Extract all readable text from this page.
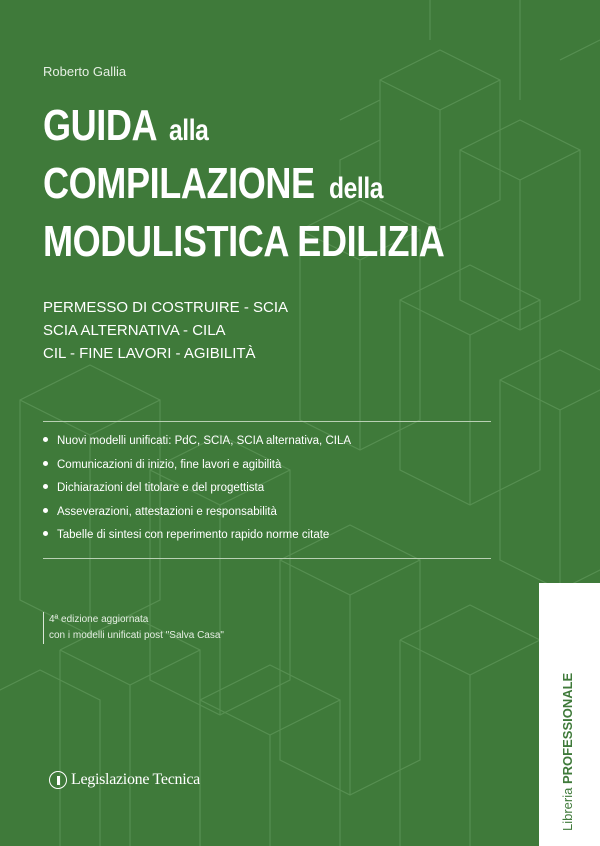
Roberto Gallia
GUIDA alla
COMPILAZIONE della
MODULISTICA EDILIZIA
PERMESSO DI COSTRUIRE - SCIA
SCIA ALTERNATIVA - CILA
CIL - FINE LAVORI - AGIBILITÀ
Nuovi modelli unificati: PdC, SCIA, SCIA alternativa, CILA
Comunicazioni di inizio, fine lavori e agibilità
Dichiarazioni del titolare e del progettista
Asseverazioni, attestazioni e responsabilità
Tabelle di sintesi con reperimento rapido norme citate
4ª edizione aggiornata
con i modelli unificati post "Salva Casa"
Legislazione Tecnica
Libreria PROFESSIONALE
